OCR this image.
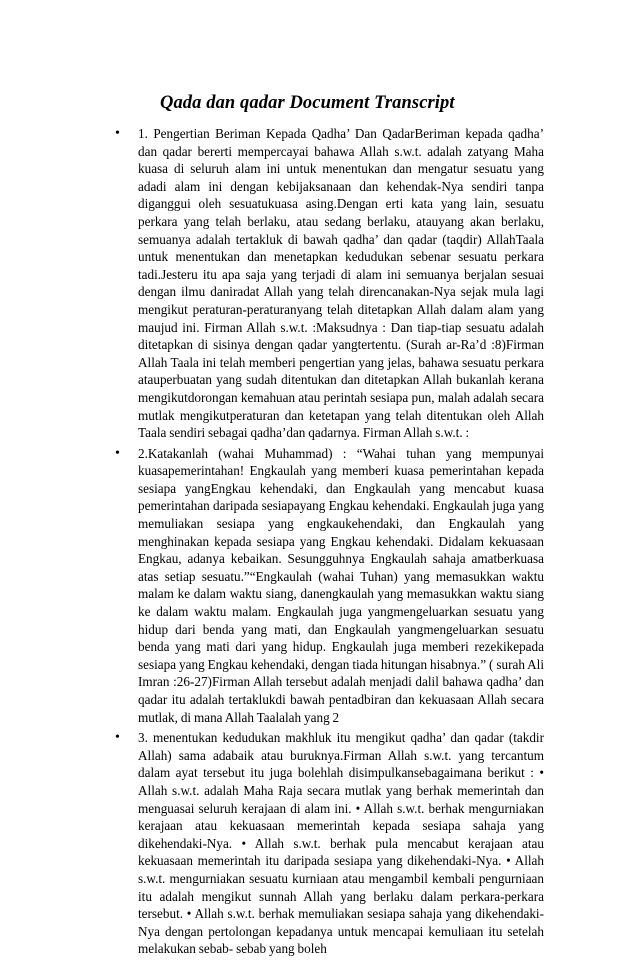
Qada dan qadar Document Transcript
• 1. Pengertian Beriman Kepada Qadha’ Dan QadarBeriman kepada qadha’ dan qadar bererti mempercayai bahawa Allah s.w.t. adalah zatyang Maha kuasa di seluruh alam ini untuk menentukan dan mengatur sesuatu yang adadi alam ini dengan kebijaksanaan dan kehendak-Nya sendiri tanpa diganggui oleh sesuatukuasa asing.Dengan erti kata yang lain, sesuatu perkara yang telah berlaku, atau sedang berlaku, atauyang akan berlaku, semuanya adalah tertakluk di bawah qadha’ dan qadar (taqdir) AllahTaala untuk menentukan dan menetapkan kedudukan sebenar sesuatu perkara tadi.Jesteru itu apa saja yang terjadi di alam ini semuanya berjalan sesuai dengan ilmu daniradat Allah yang telah direncanakan-Nya sejak mula lagi mengikut peraturan-peraturanyang telah ditetapkan Allah dalam alam yang maujud ini. Firman Allah s.w.t. :Maksudnya : Dan tiap-tiap sesuatu adalah ditetapkan di sisinya dengan qadar yangtertentu. (Surah ar-Ra’d :8)Firman Allah Taala ini telah memberi pengertian yang jelas, bahawa sesuatu perkara atauperbuatan yang sudah ditentukan dan ditetapkan Allah bukanlah kerana mengikutdorongan kemahuan atau perintah sesiapa pun, malah adalah secara mutlak mengikutperaturan dan ketetapan yang telah ditentukan oleh Allah Taala sendiri sebagai qadha’dan qadarnya. Firman Allah s.w.t. :
• 2.Katakanlah (wahai Muhammad) : “Wahai tuhan yang mempunyai kuasapemerintahan! Engkaulah yang memberi kuasa pemerintahan kepada sesiapa yangEngkau kehendaki, dan Engkaulah yang mencabut kuasa pemerintahan daripada sesiapayang Engkau kehendaki. Engkaulah juga yang memuliakan sesiapa yang engkaukehendaki, dan Engkaulah yang menghinakan kepada sesiapa yang Engkau kehendaki. Didalam kekuasaan Engkau, adanya kebaikan. Sesungguhnya Engkaulah sahaja amatberkuasa atas setiap sesuatu.”“Engkaulah (wahai Tuhan) yang memasukkan waktu malam ke dalam waktu siang, danengkaulah yang memasukkan waktu siang ke dalam waktu malam. Engkaulah juga yangmengeluarkan sesuatu yang hidup dari benda yang mati, dan Engkaulah yangmengeluarkan sesuatu benda yang mati dari yang hidup. Engkaulah juga memberi rezekikepada sesiapa yang Engkau kehendaki, dengan tiada hitungan hisabnya.” ( surah Ali Imran :26-27)Firman Allah tersebut adalah menjadi dalil bahawa qadha’ dan qadar itu adalah tertaklukdi bawah pentadbiran dan kekuasaan Allah secara mutlak, di mana Allah Taalalah yang 2
• 3. menentukan kedudukan makhluk itu mengikut qadha’ dan qadar (takdir Allah) sama adabaik atau buruknya.Firman Allah s.w.t. yang tercantum dalam ayat tersebut itu juga bolehlah disimpulkansebagaimana berikut : • Allah s.w.t. adalah Maha Raja secara mutlak yang berhak memerintah dan menguasai seluruh kerajaan di alam ini. • Allah s.w.t. berhak mengurniakan kerajaan atau kekuasaan memerintah kepada sesiapa sahaja yang dikehendaki-Nya. • Allah s.w.t. berhak pula mencabut kerajaan atau kekuasaan memerintah itu daripada sesiapa yang dikehendaki-Nya. • Allah s.w.t. mengurniakan sesuatu kurniaan atau mengambil kembali pengurniaan itu adalah mengikut sunnah Allah yang berlaku dalam perkara-perkara tersebut. • Allah s.w.t. berhak memuliakan sesiapa sahaja yang dikehendaki-Nya dengan pertolongan kepadanya untuk mencapai kemuliaan itu setelah melakukan sebab- sebab yang boleh
